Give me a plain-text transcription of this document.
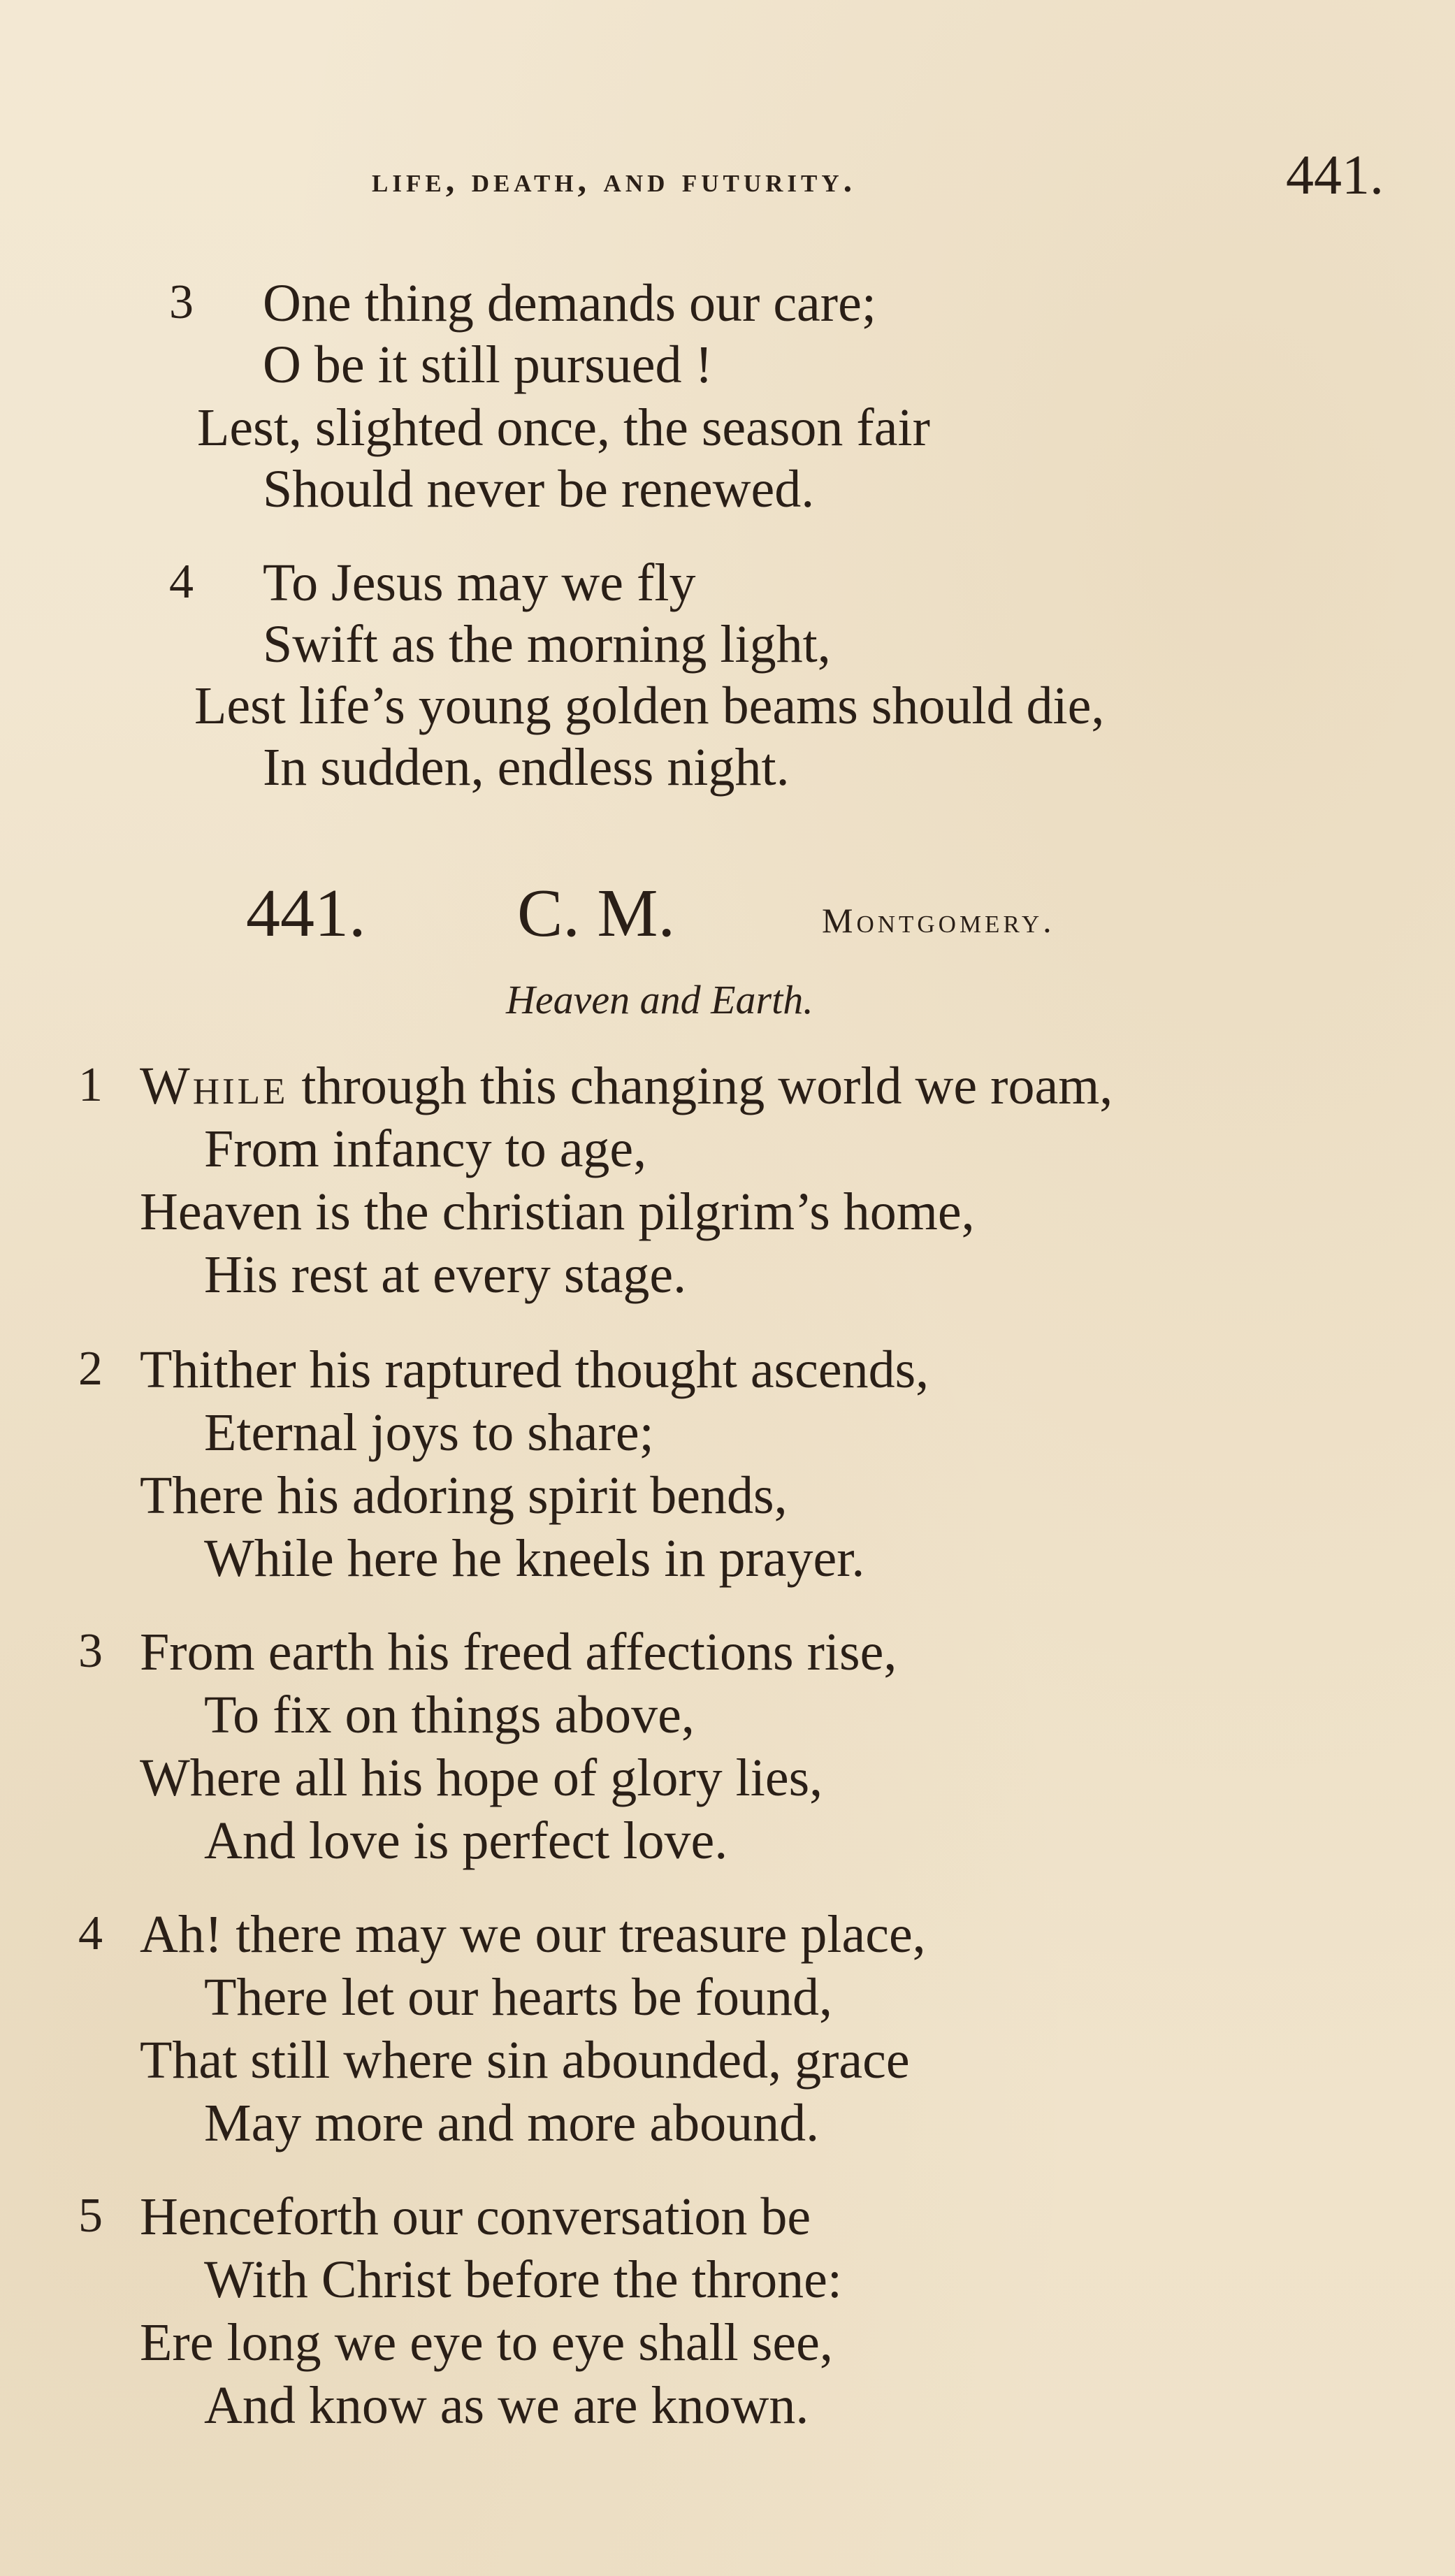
life, death, and futurity.	441.
3 One thing demands our care;
O be it still pursued !
Lest, slighted once, the season fair
Should never be renewed.
4 To Jesus may we fly
Swift as the morning light,
Lest life’s young golden beams should die,
In sudden, endless night.
441. C. M.	Montgomery.
Heaven and Earth.
1 While through this changing world we roam,
From infancy to age,
Heaven is the christian pilgrim’s home,
His rest at every stage.
2 Thither his raptured thought ascends,
Eternal joys to share;
There his adoring spirit bends,
While here he kneels in prayer.
3 From earth his freed affections rise,
To fix on things above,
Where all his hope of glory lies,
And love is perfect love.
4 Ah! there may we our treasure place,
There let our hearts be found,
That still where sin abounded, grace
May more and more abound.
5 Henceforth our conversation be
With Christ before the throne:
Ere long we eye to eye shall see,
And know as we are known.
